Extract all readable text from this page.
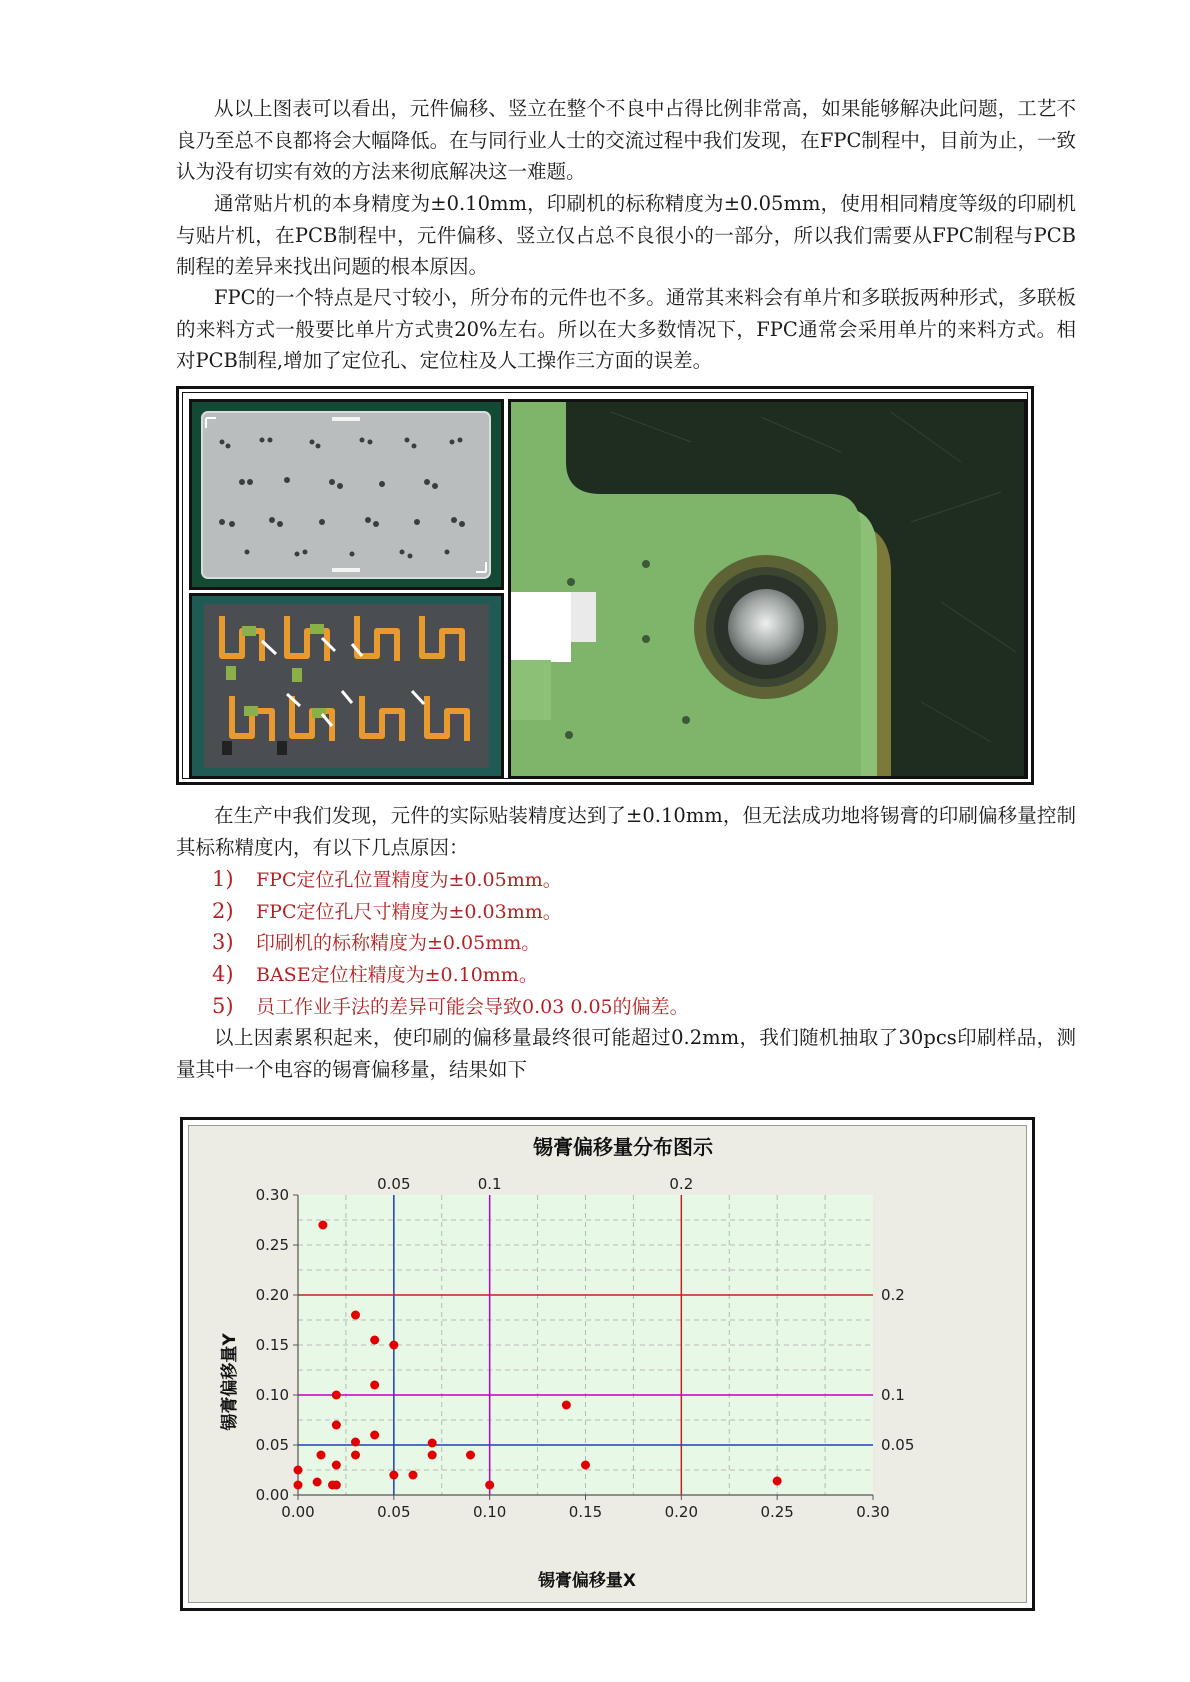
从以上图表可以看出，元件偏移、竖立在整个不良中占得比例非常高，如果能够解决此问题，工艺不良乃至总不良都将会大幅降低。在与同行业人士的交流过程中我们发现，在FPC制程中，目前为止，一致认为没有切实有效的方法来彻底解决这一难题。

通常贴片机的本身精度为±0.10mm，印刷机的标称精度为±0.05mm，使用相同精度等级的印刷机与贴片机，在PCB制程中，元件偏移、竖立仅占总不良很小的一部分，所以我们需要从FPC制程与PCB制程的差异来找出问题的根本原因。

FPC的一个特点是尺寸较小，所分布的元件也不多。通常其来料会有单片和多联扳两种形式，多联板的来料方式一般要比单片方式贵20%左右。所以在大多数情况下，FPC通常会采用单片的来料方式。相对PCB制程,增加了定位孔、定位柱及人工操作三方面的误差。

在生产中我们发现，元件的实际贴装精度达到了±0.10mm，但无法成功地将锡膏的印刷偏移量控制其标称精度内，有以下几点原因：

1) FPC定位孔位置精度为±0.05mm。

2) FPC定位孔尺寸精度为±0.03mm。

3) 印刷机的标称精度为±0.05mm。

4) BASE定位柱精度为±0.10mm。

5) 员工作业手法的差异可能会导致0.03 0.05的偏差。

以上因素累积起来，使印刷的偏移量最终很可能超过0.2mm，我们随机抽取了30pcs印刷样品，测量其中一个电容的锡膏偏移量，结果如下

0.05	0.1	0.2
0.05
0.1
0.2
0.00	0.05	0.10	0.15	0.20	0.25	0.30
0.00
0.05
0.10
0.15
0.20
0.25
0.30
锡膏偏移量分布图示
锡膏偏移量X
锡膏偏移量Y
